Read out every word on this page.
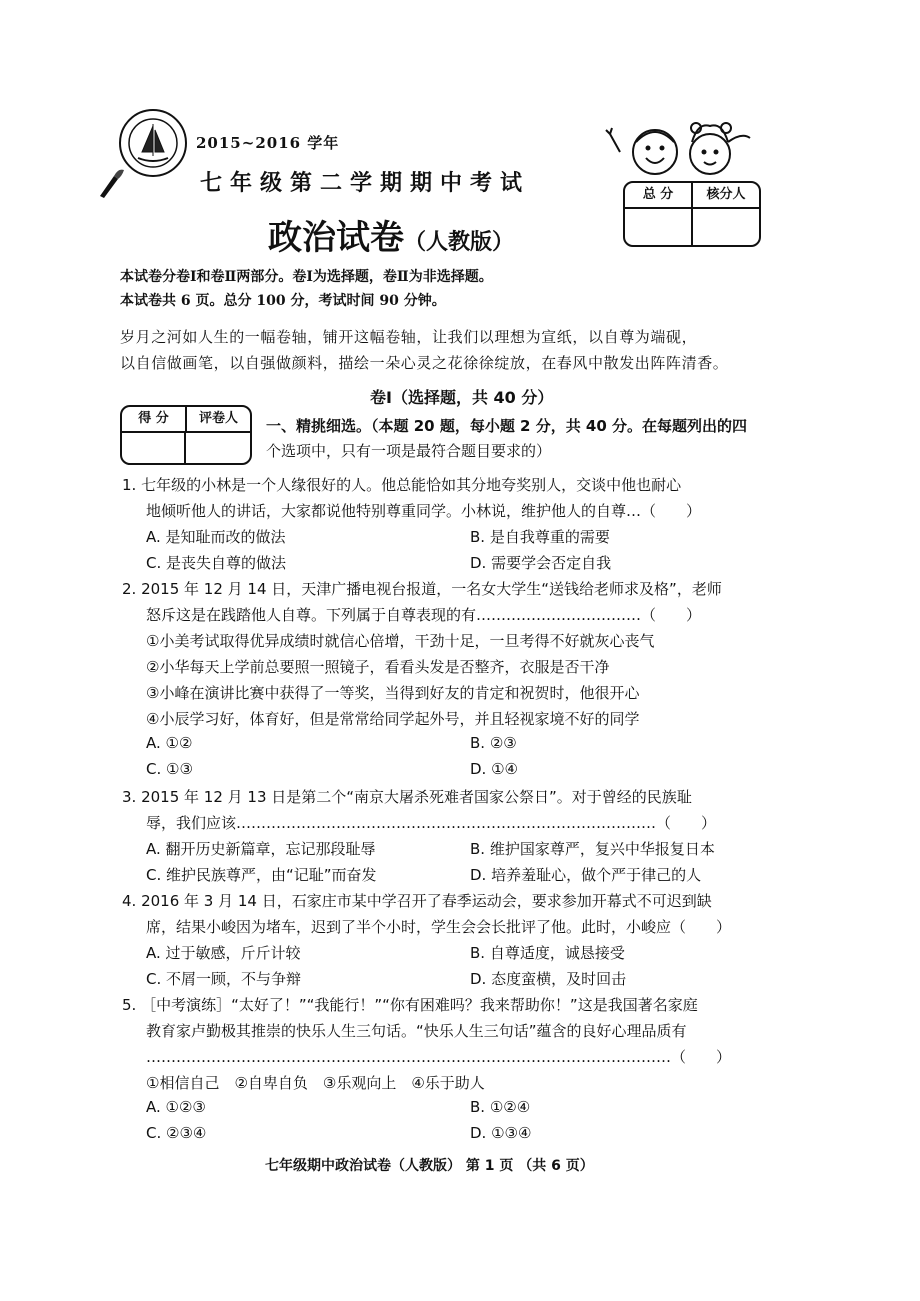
2015~2016 学年
七年级第二学期期中考试
政治试卷（人教版）
总 分	核分人
本试卷分卷Ⅰ和卷Ⅱ两部分。卷Ⅰ为选择题，卷Ⅱ为非选择题。
本试卷共 6 页。总分 100 分，考试时间 90 分钟。
岁月之河如人生的一幅卷轴，铺开这幅卷轴，让我们以理想为宣纸，以自尊为端砚，
以自信做画笔，以自强做颜料，描绘一朵心灵之花徐徐绽放，在春风中散发出阵阵清香。
卷Ⅰ（选择题，共 40 分）
得 分	评卷人	一、精挑细选。（本题 20 题，每小题 2 分，共 40 分。在每题列出的四
个选项中，只有一项是最符合题目要求的）
1. 七年级的小林是一个人缘很好的人。他总能恰如其分地夸奖别人，交谈中他也耐心
地倾听他人的讲话，大家都说他特别尊重同学。小林说，维护他人的自尊…（　　）
A. 是知耻而改的做法	B. 是自我尊重的需要
C. 是丧失自尊的做法	D. 需要学会否定自我
2. 2015 年 12 月 14 日，天津广播电视台报道，一名女大学生“送钱给老师求及格”，老师
怒斥这是在践踏他人自尊。下列属于自尊表现的有……………………………（　　）
①小美考试取得优异成绩时就信心倍增，干劲十足，一旦考得不好就灰心丧气
②小华每天上学前总要照一照镜子，看看头发是否整齐，衣服是否干净
③小峰在演讲比赛中获得了一等奖，当得到好友的肯定和祝贺时，他很开心
④小辰学习好，体育好，但是常常给同学起外号，并且轻视家境不好的同学
A. ①②	B. ②③
C. ①③	D. ①④
3. 2015 年 12 月 13 日是第二个“南京大屠杀死难者国家公祭日”。对于曾经的民族耻
辱，我们应该…………………………………………………………………………（　　）
A. 翻开历史新篇章，忘记那段耻辱	B. 维护国家尊严，复兴中华报复日本
C. 维护民族尊严，由“记耻”而奋发	D. 培养羞耻心，做个严于律己的人
4. 2016 年 3 月 14 日，石家庄市某中学召开了春季运动会，要求参加开幕式不可迟到缺
席，结果小峻因为堵车，迟到了半个小时，学生会会长批评了他。此时，小峻应（　　）
A. 过于敏感，斤斤计较	B. 自尊适度，诚恳接受
C. 不屑一顾，不与争辩	D. 态度蛮横，及时回击
5. ［中考演练］“太好了！”“我能行！”“你有困难吗？我来帮助你！”这是我国著名家庭
教育家卢勤极其推崇的快乐人生三句话。“快乐人生三句话”蕴含的良好心理品质有
……………………………………………………………………………………………（　　）
①相信自己　②自卑自负　③乐观向上　④乐于助人
A. ①②③	B. ①②④
C. ②③④	D. ①③④
七年级期中政治试卷（人教版） 第 1 页 （共 6 页）
